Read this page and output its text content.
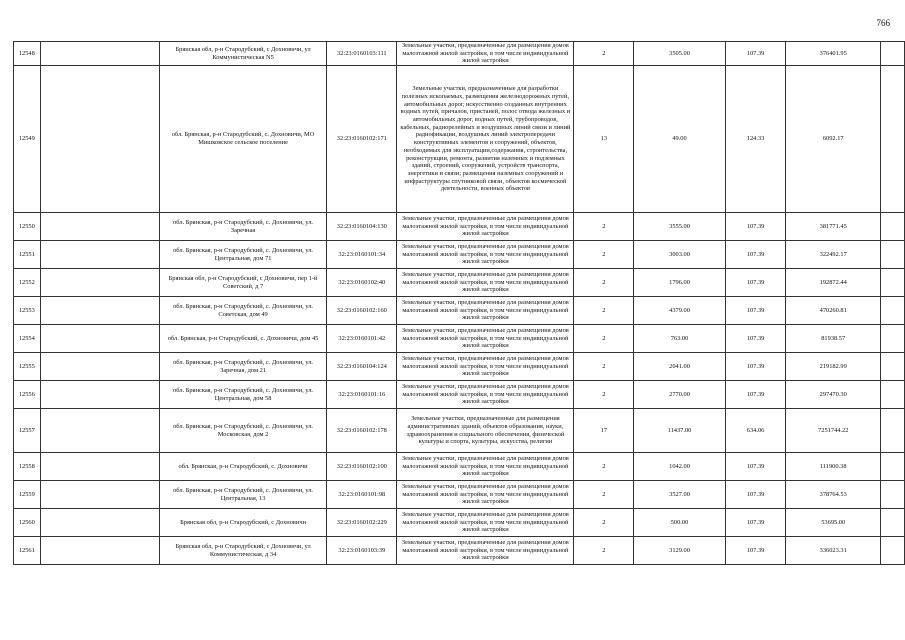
766
12548		Брянская обл, р-н Стародубский, с Дохновичи, ул Коммунистическая N5	32:23:0160103:111	Земельные участки, предназначенные для размещения домов малоэтажной жилой застройки, в том числе индивидуальной жилой застройки	2	3505.00	107.39	376401.95	
12549		обл. Брянская, р-н Стародубский, с. Дохновичи, МО Мишковское сельское поселение	32:23:0160102:171	Земельные участки, предназначенные для разработки полезных ископаемых, размещения железнодорожных путей, автомобильных дорог, искусственно созданных внутренних водных путей, причалов, пристаней, полос отвода железных и автомобильных дорог, водных путей, трубопроводов, кабельных, радиорелейных и воздушных линий связи и линий радиофикации, воздушных линий электропередачи конструктивных элементов и сооружений, объектов, необходимых для эксплуатации,содержания, строительства, реконструкции, ремонта, развития наземных и подземных зданий, строений, сооружений, устройств транспорта, энергетики и связи; размещения наземных сооружений и инфраструктуры спутниковой связи, объектов космической деятельности, военных объектов	13	49.00	124.33	6092.17	
12550		обл. Брянская, р-н Стародубский, с. Дохновичи, ул. Заречная	32:23:0160104:130	Земельные участки, предназначенные для размещения домов малоэтажной жилой застройки, в том числе индивидуальной жилой застройки	2	3555.00	107.39	381771.45	
12551		обл. Брянская, р-н Стародубский, с. Дохновичи, ул. Центральная, дом 71	32:23:0160101:34	Земельные участки, предназначенные для размещения домов малоэтажной жилой застройки, в том числе индивидуальной жилой застройки	2	3003.00	107.39	322492.17	
12552		Брянская обл, р-н Стародубский, с Дохновичи, пер 1-й Советский, д 7	32:23:0160102:40	Земельные участки, предназначенные для размещения домов малоэтажной жилой застройки, в том числе индивидуальной жилой застройки	2	1796.00	107.39	192872.44	
12553		обл. Брянская, р-н Стародубский, с. Дохновичи, ул. Советская, дом 49	32:23:0160102:160	Земельные участки, предназначенные для размещения домов малоэтажной жилой застройки, в том числе индивидуальной жилой застройки	2	4379.00	107.39	470260.81	
12554		обл. Брянская, р-н Стародубский, с. Дохновичи, дом 45	32:23:0160101:42	Земельные участки, предназначенные для размещения домов малоэтажной жилой застройки, в том числе индивидуальной жилой застройки	2	763.00	107.39	81938.57	
12555		обл. Брянская, р-н Стародубский, с. Дохновичи, ул. Заречная, дом 21	32:23:0160104:124	Земельные участки, предназначенные для размещения домов малоэтажной жилой застройки, в том числе индивидуальной жилой застройки	2	2041.00	107.39	219182.99	
12556		обл. Брянская, р-н Стародубский, с. Дохновичи, ул. Центральная, дом 58	32:23:0160101:16	Земельные участки, предназначенные для размещения домов малоэтажной жилой застройки, в том числе индивидуальной жилой застройки	2	2770.00	107.39	297470.30	
12557		обл. Брянская, р-н Стародубский, с. Дохновичи, ул. Московская, дом 2	32:23:0160102:178	Земельные участки, предназначенные для размещения административных зданий, объектов образования, науки, здравоохранения и социального обеспечения, физической культуры и спорта, культуры, искусства, религии	17	11437.00	634.06	7251744.22	
12558		обл. Брянская, р-н Стародубский, с. Дохновичи	32:23:0160102:100	Земельные участки, предназначенные для размещения домов малоэтажной жилой застройки, в том числе индивидуальной жилой застройки	2	1042.00	107.39	111900.38	
12559		обл. Брянская, р-н Стародубский, с. Дохновичи, ул. Центральная, 13	32:23:0160101:98	Земельные участки, предназначенные для размещения домов малоэтажной жилой застройки, в том числе индивидуальной жилой застройки	2	3527.00	107.39	378764.53	
12560		Брянская обл, р-н Стародубский, с Дохновичи	32:23:0160102:229	Земельные участки, предназначенные для размещения домов малоэтажной жилой застройки, в том числе индивидуальной жилой застройки	2	500.00	107.39	53695.00	
12561		Брянская обл, р-н Стародубский, с Дохновичи, ул Коммунистическая, д 34	32:23:0160103:39	Земельные участки, предназначенные для размещения домов малоэтажной жилой застройки, в том числе индивидуальной жилой застройки	2	3129.00	107.39	336023.31	
